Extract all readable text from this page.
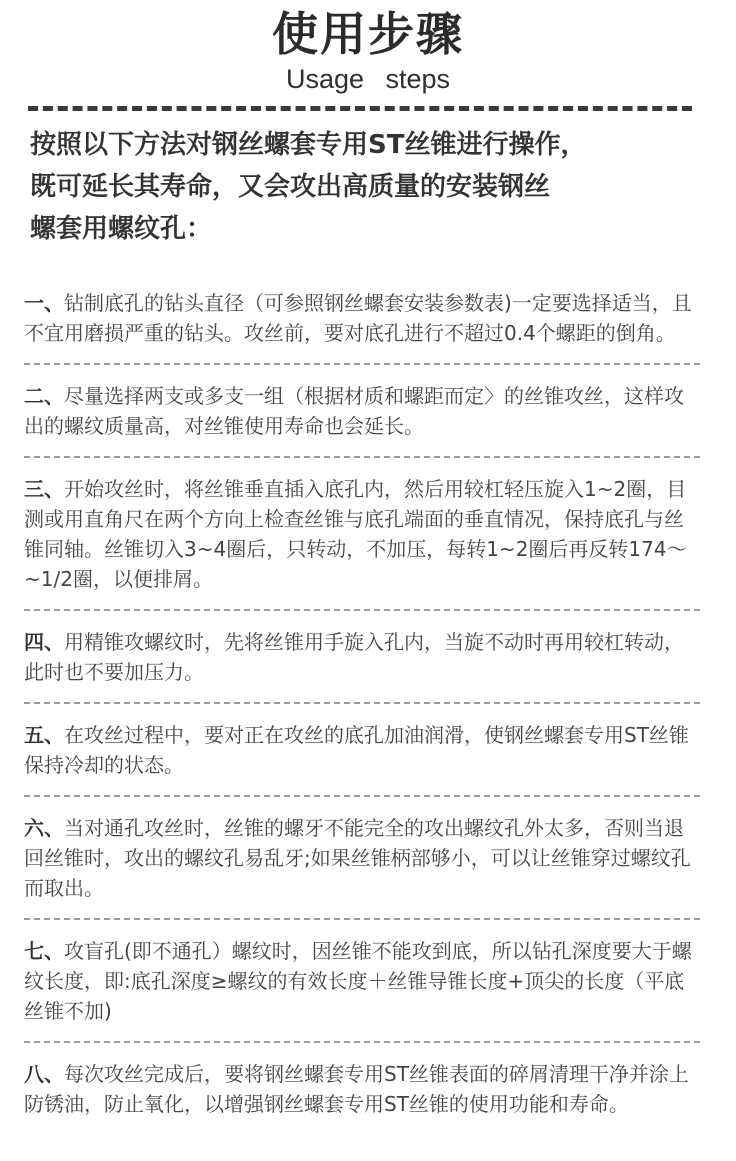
使用步骤
Usage steps
按照以下方法对钢丝螺套专用ST丝锥进行操作，
既可延长其寿命，又会攻出高质量的安装钢丝
螺套用螺纹孔：
一、钻制底孔的钻头直径（可参照钢丝螺套安装参数表)一定要选择适当，且不宜用磨损严重的钻头。攻丝前，要对底孔进行不超过0.4个螺距的倒角。
二、尽量选择两支或多支一组（根据材质和螺距而定〉的丝锥攻丝，这样攻出的螺纹质量高，对丝锥使用寿命也会延长。
三、开始攻丝时，将丝锥垂直插入底孔内，然后用较杠轻压旋入1~2圈，目测或用直角尺在两个方向上检查丝锥与底孔端面的垂直情况，保持底孔与丝锥同轴。丝锥切入3~4圈后，只转动，不加压，每转1~2圈后再反转174〜~1/2圈，以便排屑。
四、用精锥攻螺纹时，先将丝锥用手旋入孔内，当旋不动时再用较杠转动，此时也不要加压力。
五、在攻丝过程中，要对正在攻丝的底孔加油润滑，使钢丝螺套专用ST丝锥保持冷却的状态。
六、当对通孔攻丝时，丝锥的螺牙不能完全的攻出螺纹孔外太多，否则当退回丝锥时，攻出的螺纹孔易乱牙;如果丝锥柄部够小，可以让丝锥穿过螺纹孔而取出。
七、攻盲孔(即不通孔）螺纹时，因丝锥不能攻到底，所以钻孔深度要大于螺纹长度，即:底孔深度≥螺纹的有效长度＋丝锥导锥长度+顶尖的长度（平底丝锥不加)
八、每次攻丝完成后，要将钢丝螺套专用ST丝锥表面的碎屑清理干净并涂上防锈油，防止氧化，以增强钢丝螺套专用ST丝锥的使用功能和寿命。
